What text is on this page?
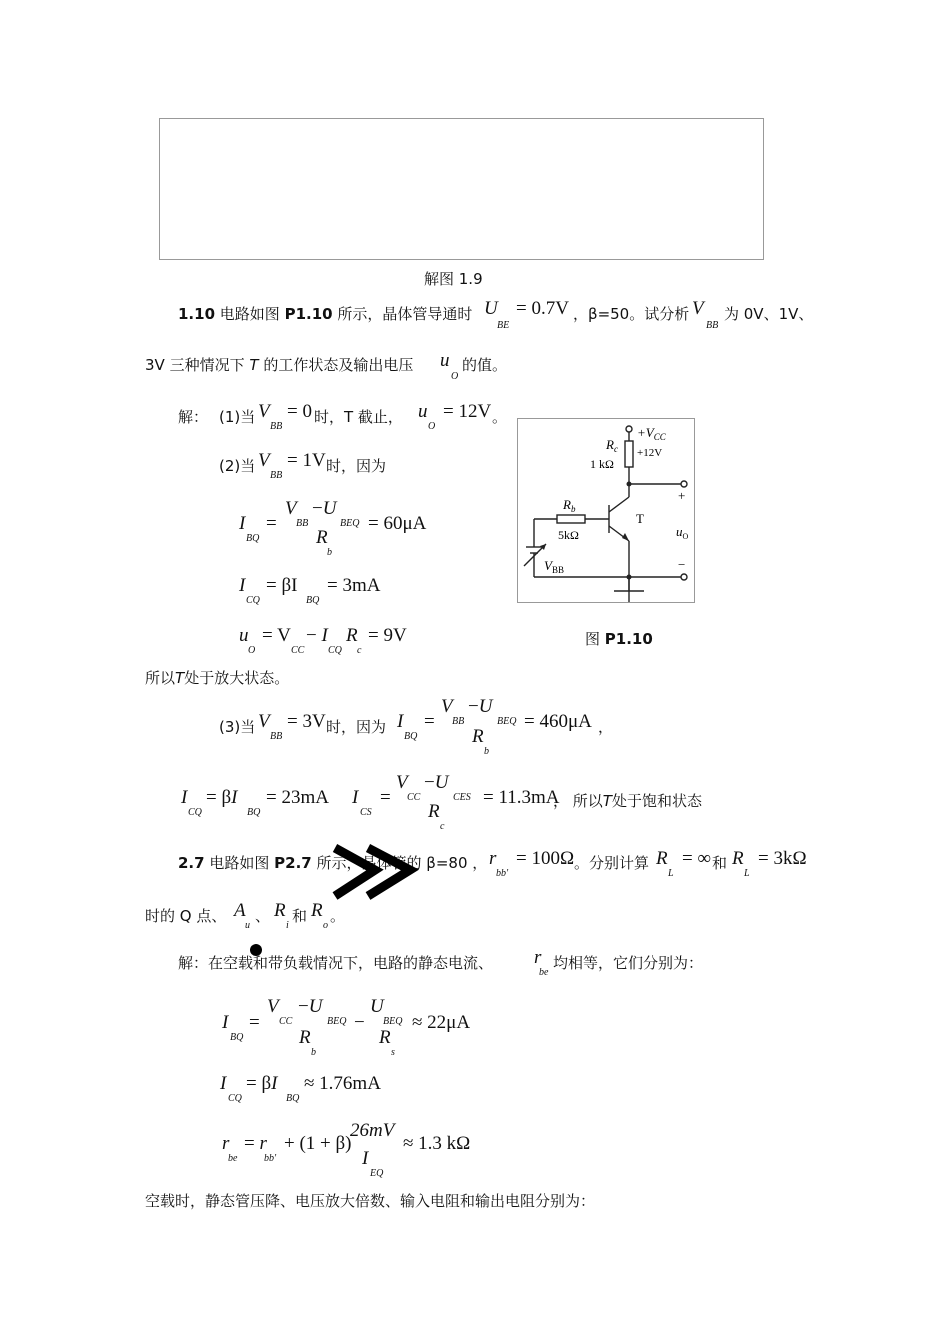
解图 1.9
1.10 电路如图 P1.10 所示，晶体管导通时 U
BE
= 0.7V ，β=50。试分析 V
BB
为 0V、1V、
3V 三种情况下 T 的工作状态及输出电压 u
O
的值。
解： (1)当 V
BB
= 0 时，T 截止， u
O
= 12V 。
(2)当 V
BB
= 1V 时，因为
I
BQ
=
V
BB
−U
BEQ
R
b
= 60μA
I
CQ
= βI
BQ
= 3mA
u
O
= V
CC
− I
CQ
R
c
= 9V
所以T处于放大状态。
(3)当 V
BB
= 3V 时，因为 I
BQ
=
V
BB
−U
BEQ
R
b
= 460μA ，
I
CQ
= βI
BQ
= 23mA I
CS
=
V
CC
−U
CES
R
c
= 11.3mA
， 所以T处于饱和状态
$+V_{CC}$
+12V
$R_c$
1 kΩ
$R_b$
5kΩ
T
$V_{BB}$
+
−
$u_O$
图 P1.10
2.7 电路如图 P2.7 所示，晶体管的 β=80 ， r
bb'
= 100Ω 。分别计算 R
L
= ∞ 和 R
L
= 3kΩ
时的 Q 点、 A
u
、 R
i
和 R
o
。
解：在空载和带负载情况下，电路的静态电流、 r
be
均相等，它们分别为：
I
BQ
=
V
CC
−U
BEQ
R
b
−
U
BEQ
R
s
≈ 22μA
I
CQ
= βI
BQ
≈ 1.76mA
r
be
= r
bb'
+ (1 + β)
26mV
I
EQ
≈ 1.3 kΩ
空载时，静态管压降、电压放大倍数、输入电阻和输出电阻分别为：
